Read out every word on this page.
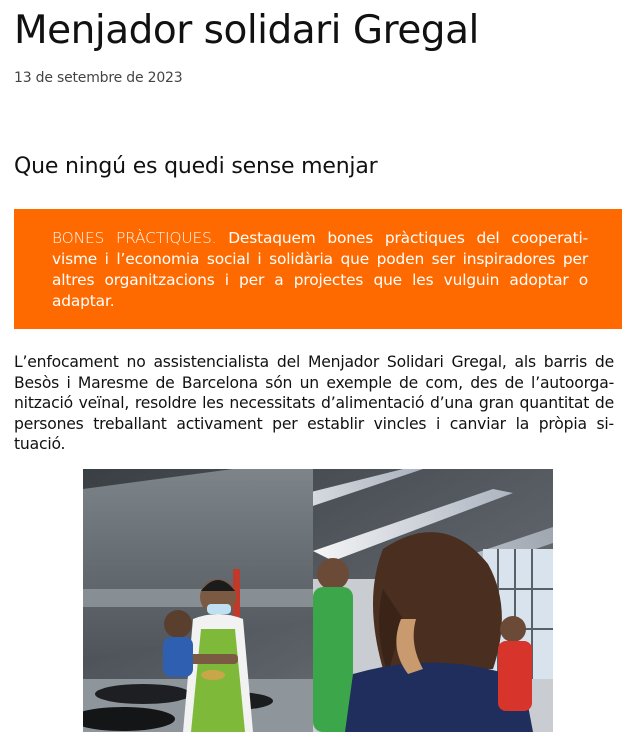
Menjador solidari Gregal
13 de setembre de 2023
Que ningú es quedi sense menjar

BONES PRÀCTIQUES. Destaquem bones pràctiques del cooperati-visme i l’economia social i solidària que poden ser inspiradores per altres organitzacions i per a projectes que les vulguin adoptar o adaptar.

L’enfocament no assistencialista del Menjador Solidari Gregal, als barris de Besòs i Maresme de Barcelona són un exemple de com, des de l’autoorga-nització veïnal, resoldre les necessitats d’alimentació d’una gran quantitat de persones treballant activament per establir vincles i canviar la pròpia si-tuació.
